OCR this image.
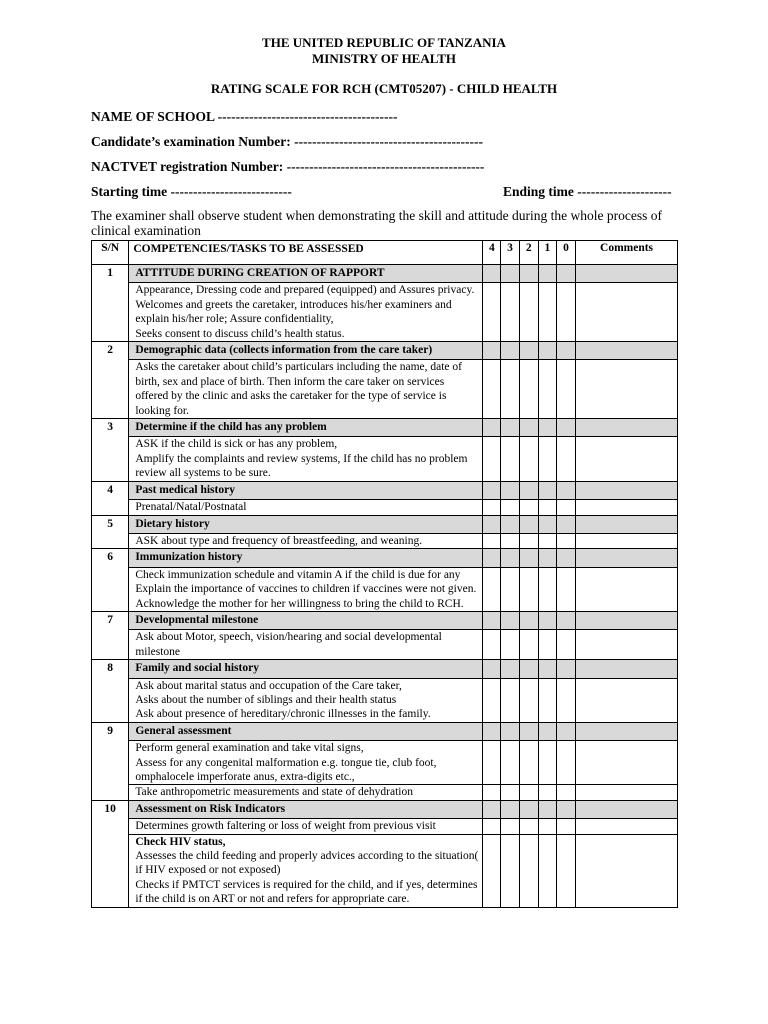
THE UNITED REPUBLIC OF TANZANIA
MINISTRY OF HEALTH
RATING SCALE FOR RCH (CMT05207) - CHILD HEALTH
NAME OF SCHOOL ----------------------------------------
Candidate’s examination Number: ------------------------------------------
NACTVET registration Number: --------------------------------------------
Starting time ---------------------------	Ending time ---------------------
The examiner shall observe student when demonstrating the skill and attitude during the whole process of clinical examination
S/N	COMPETENCIES/TASKS TO BE ASSESSED	4	3	2	1	0	Comments
1	ATTITUDE DURING CREATION OF RAPPORT						
	Appearance, Dressing code and prepared (equipped) and Assures privacy.
Welcomes and greets the caretaker, introduces his/her examiners and explain his/her role; Assure confidentiality,
Seeks consent to discuss child’s health status.						
2	Demographic data (collects information from the care taker)						
	Asks the caretaker about child’s particulars including the name, date of birth, sex and place of birth. Then inform the care taker on services offered by the clinic and asks the caretaker for the type of service is looking for.						
3	Determine if the child has any problem						
	ASK if the child is sick or has any problem,
Amplify the complaints and review systems, If the child has no problem review all systems to be sure.						
4	Past medical history						
	Prenatal/Natal/Postnatal						
5	Dietary history						
	ASK about type and frequency of breastfeeding, and weaning.						
6	Immunization history						
	Check immunization schedule and vitamin A if the child is due for any
Explain the importance of vaccines to children if vaccines were not given. Acknowledge the mother for her willingness to bring the child to RCH.						
7	Developmental milestone						
	Ask about Motor, speech, vision/hearing and social developmental milestone						
8	Family and social history						
	Ask about marital status and occupation of the Care taker,
Asks about the number of siblings and their health status
Ask about presence of hereditary/chronic illnesses in the family.						
9	General assessment						
	Perform general examination and take vital signs,
Assess for any congenital malformation e.g. tongue tie, club foot, omphalocele imperforate anus, extra-digits etc.,						
	Take anthropometric measurements and state of dehydration						
10	Assessment on Risk Indicators						
	Determines growth faltering or loss of weight from previous visit						

	Check HIV status,
Assesses the child feeding and properly advices according to the situation( if HIV exposed or not exposed)
Checks if PMTCT services is required for the child, and if yes, determines if the child is on ART or not and refers for appropriate care.						
